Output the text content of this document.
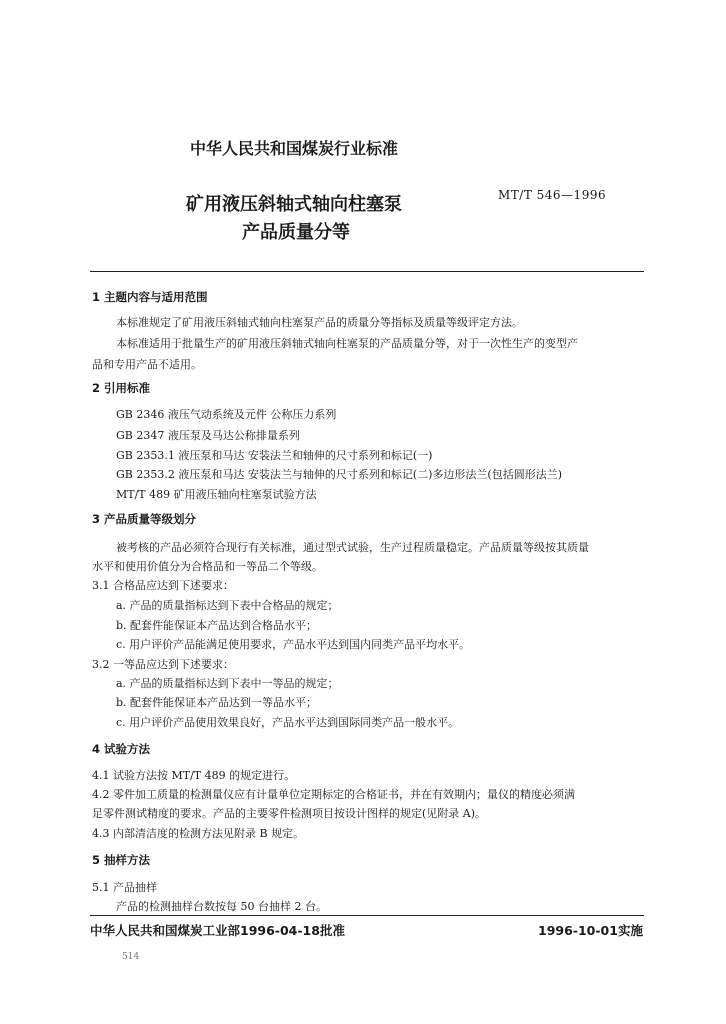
中华人民共和国煤炭行业标准
矿用液压斜轴式轴向柱塞泵
产品质量分等
MT/T 546—1996
1 主题内容与适用范围
本标准规定了矿用液压斜轴式轴向柱塞泵产品的质量分等指标及质量等级评定方法。
本标准适用于批量生产的矿用液压斜轴式轴向柱塞泵的产品质量分等，对于一次性生产的变型产
品和专用产品不适用。
2 引用标准
GB 2346 液压气动系统及元件 公称压力系列
GB 2347 液压泵及马达公称排量系列
GB 2353.1 液压泵和马达 安装法兰和轴伸的尺寸系列和标记(一)
GB 2353.2 液压泵和马达 安装法兰与轴伸的尺寸系列和标记(二)多边形法兰(包括圆形法兰)
MT/T 489 矿用液压轴向柱塞泵试验方法
3 产品质量等级划分
被考核的产品必须符合现行有关标准，通过型式试验，生产过程质量稳定。产品质量等级按其质量
水平和使用价值分为合格品和一等品二个等级。
3.1 合格品应达到下述要求：
a. 产品的质量指标达到下表中合格品的规定；
b. 配套件能保证本产品达到合格品水平；
c. 用户评价产品能满足使用要求，产品水平达到国内同类产品平均水平。
3.2 一等品应达到下述要求：
a. 产品的质量指标达到下表中一等品的规定；
b. 配套件能保证本产品达到一等品水平；
c. 用户评价产品使用效果良好，产品水平达到国际同类产品一般水平。
4 试验方法
4.1 试验方法按 MT/T 489 的规定进行。
4.2 零件加工质量的检测量仪应有计量单位定期标定的合格证书，并在有效期内；量仪的精度必须满
足零件测试精度的要求。产品的主要零件检测项目按设计图样的规定(见附录 A)。
4.3 内部清洁度的检测方法见附录 B 规定。
5 抽样方法
5.1 产品抽样
产品的检测抽样台数按每 50 台抽样 2 台。
中华人民共和国煤炭工业部1996-04-18批准	1996-10-01实施
514
